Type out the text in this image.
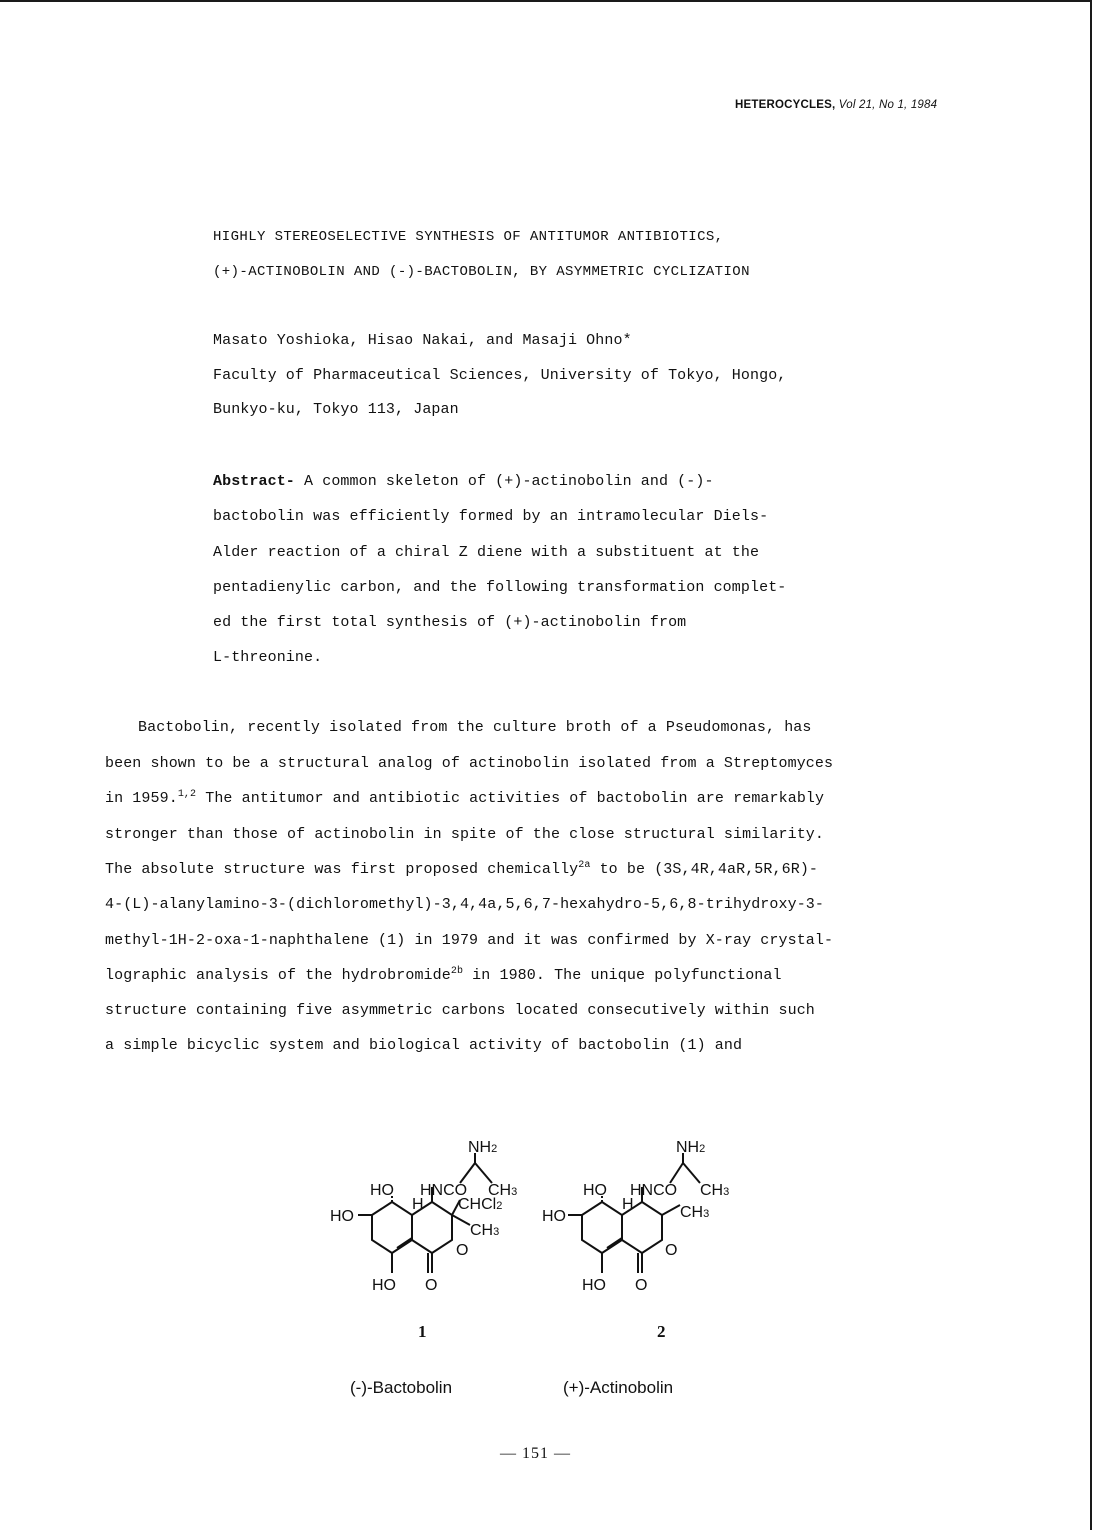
HETEROCYCLES, Vol 21, No 1, 1984
HIGHLY STEREOSELECTIVE SYNTHESIS OF ANTITUMOR ANTIBIOTICS,
(+)-ACTINOBOLIN AND (-)-BACTOBOLIN, BY ASYMMETRIC CYCLIZATION
Masato Yoshioka, Hisao Nakai, and Masaji Ohno*
Faculty of Pharmaceutical Sciences, University of Tokyo, Hongo,
Bunkyo-ku, Tokyo 113, Japan
Abstract- A common skeleton of (+)-actinobolin and (-)-
bactobolin was efficiently formed by an intramolecular Diels-
Alder reaction of a chiral Z diene with a substituent at the
pentadienylic carbon, and the following transformation complet-
ed the first total synthesis of (+)-actinobolin from
L-threonine.
Bactobolin, recently isolated from the culture broth of a Pseudomonas, has
been shown to be a structural analog of actinobolin isolated from a Streptomyces
in 1959.$^{1,2}$ The antitumor and antibiotic activities of bactobolin are remarkably
stronger than those of actinobolin in spite of the close structural similarity.
The absolute structure was first proposed chemically$^{2a}$ to be (3S,4R,4aR,5R,6R)-
4-(L)-alanylamino-3-(dichloromethyl)-3,4,4a,5,6,7-hexahydro-5,6,8-trihydroxy-3-
methyl-1H-2-oxa-1-naphthalene (1) in 1979 and it was confirmed by X-ray crystal-
lographic analysis of the hydrobromide$^{2b}$ in 1980. The unique polyfunctional
structure containing five asymmetric carbons located consecutively within such
a simple bicyclic system and biological activity of bactobolin (1) and
NH2
HO HNCO CH3
CHCl2
HO
H
CH3
O
HO O
NH2
HO HNCO CH3
HO
H	CH3
O
HO O
1	2
(-)-Bactobolin	(+)-Actinobolin
— 151 —
